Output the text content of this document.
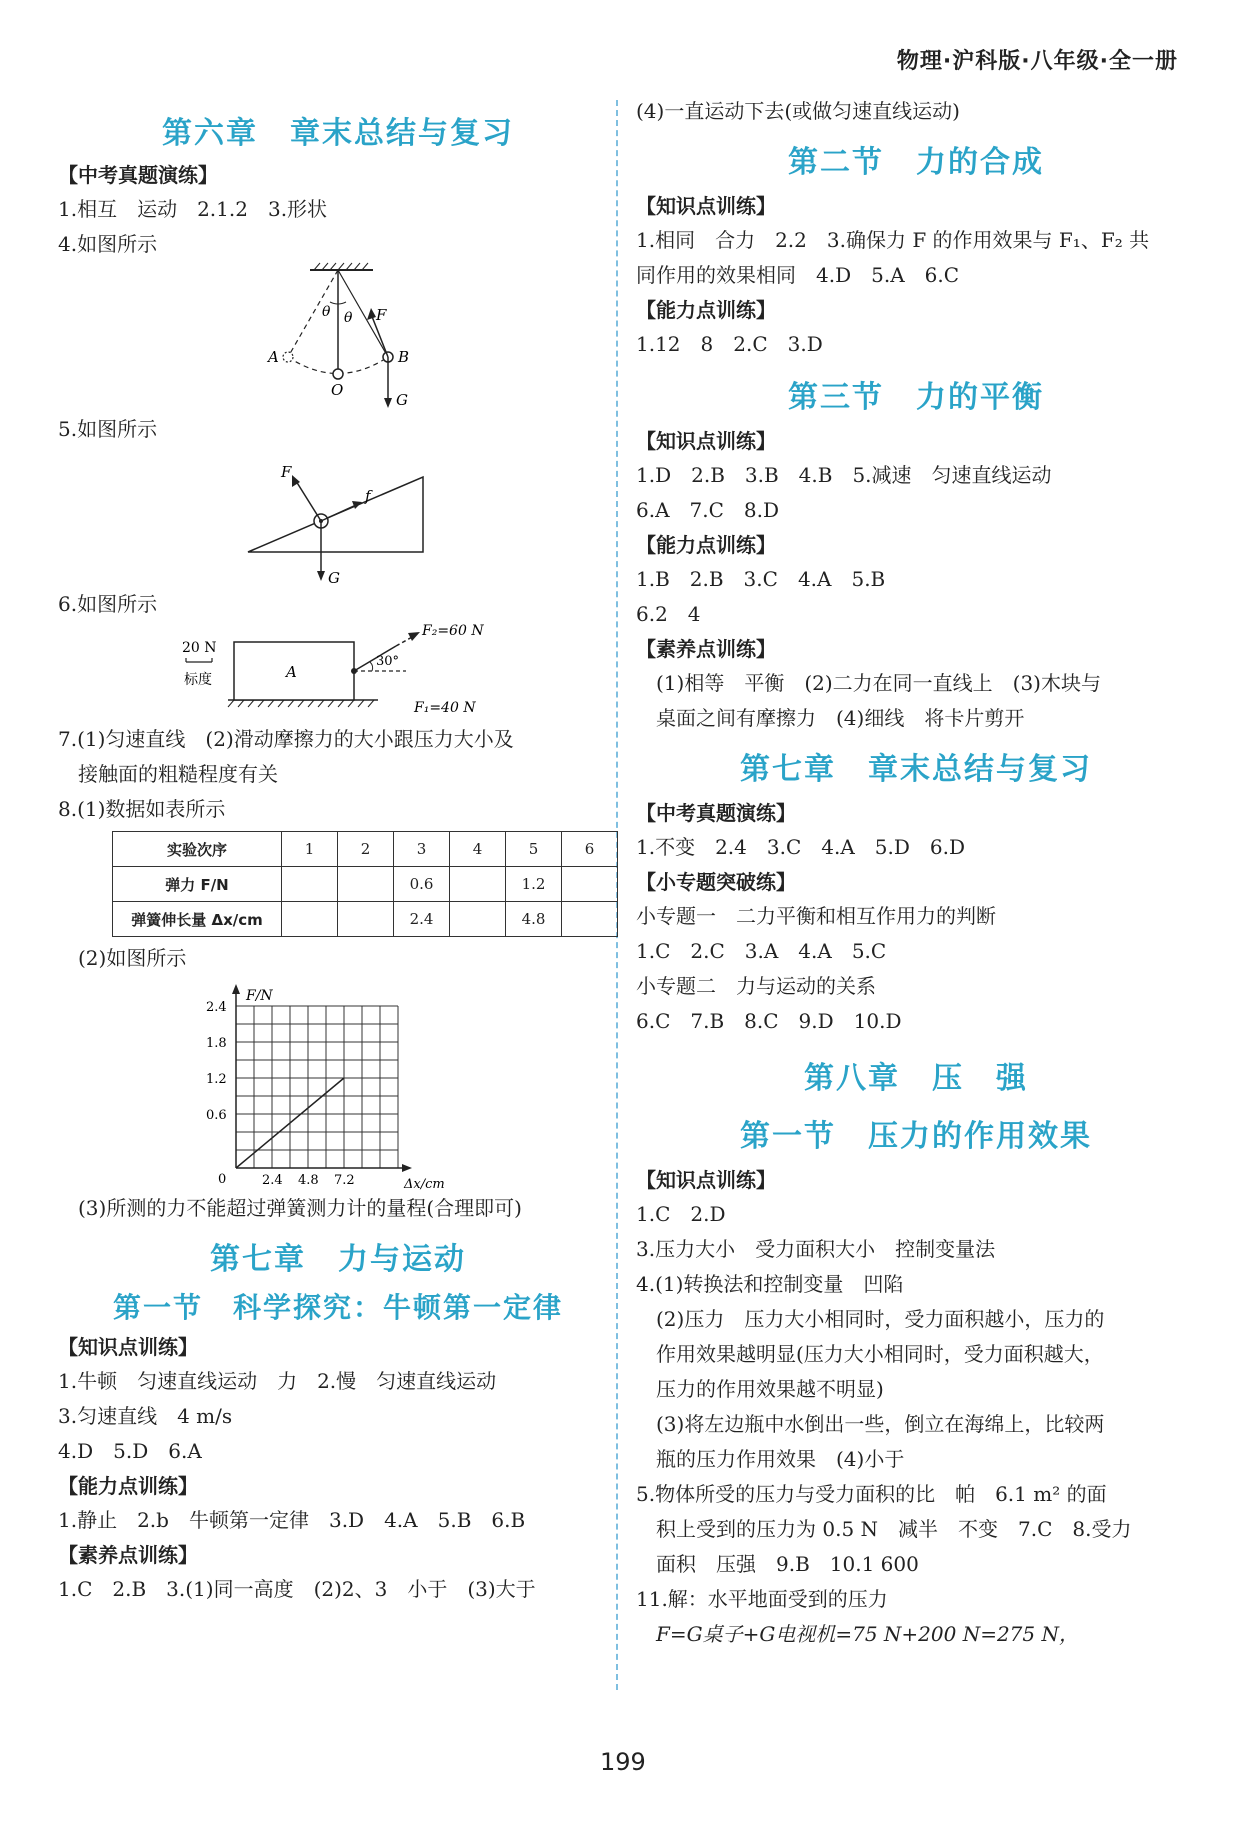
物理·沪科版·八年级·全一册

第六章　章末总结与复习

【中考真题演练】

1.相互　运动　2.1.2　3.形状

4.如图所示

θ θ F
A	B
O
G

5.如图所示

F
f
G

6.如图所示

20 N
标度	A
F₂=60 N
30°
F₁=40 N

7.(1)匀速直线　(2)滑动摩擦力的大小跟压力大小及

接触面的粗糙程度有关

8.(1)数据如表所示

实验次序	1	2	3	4	5	6
弹力 F/N			0.6		1.2	
弹簧伸长量 Δx/cm			2.4		4.8	

(2)如图所示

F/N
Δx/cm
2.4
1.8
1.2
0.6
0	2.4 4.8 7.2

(3)所测的力不能超过弹簧测力计的量程(合理即可)

第七章　力与运动

第一节　科学探究：牛顿第一定律

【知识点训练】

1.牛顿　匀速直线运动　力　2.慢　匀速直线运动

3.匀速直线　4 m/s

4.D　5.D　6.A

【能力点训练】

1.静止　2.b　牛顿第一定律　3.D　4.A　5.B　6.B

【素养点训练】

1.C　2.B　3.(1)同一高度　(2)2、3　小于　(3)大于

(4)一直运动下去(或做匀速直线运动)

第二节　力的合成

【知识点训练】

1.相同　合力　2.2　3.确保力 F 的作用效果与 F₁、F₂ 共

同作用的效果相同　4.D　5.A　6.C

【能力点训练】

1.12　8　2.C　3.D

第三节　力的平衡

【知识点训练】

1.D　2.B　3.B　4.B　5.减速　匀速直线运动

6.A　7.C　8.D

【能力点训练】

1.B　2.B　3.C　4.A　5.B

6.2　4

【素养点训练】

(1)相等　平衡　(2)二力在同一直线上　(3)木块与

桌面之间有摩擦力　(4)细线　将卡片剪开

第七章　章末总结与复习

【中考真题演练】

1.不变　2.4　3.C　4.A　5.D　6.D

【小专题突破练】

小专题一　二力平衡和相互作用力的判断

1.C　2.C　3.A　4.A　5.C

小专题二　力与运动的关系

6.C　7.B　8.C　9.D　10.D

第八章　压　强

第一节　压力的作用效果

【知识点训练】

1.C　2.D

3.压力大小　受力面积大小　控制变量法

4.(1)转换法和控制变量　凹陷

(2)压力　压力大小相同时，受力面积越小，压力的

作用效果越明显(压力大小相同时，受力面积越大，

压力的作用效果越不明显)

(3)将左边瓶中水倒出一些，倒立在海绵上，比较两

瓶的压力作用效果　(4)小于

5.物体所受的压力与受力面积的比　帕　6.1 m² 的面

积上受到的压力为 0.5 N　减半　不变　7.C　8.受力

面积　压强　9.B　10.1 600

11.解：水平地面受到的压力

F=G桌子+G电视机=75 N+200 N=275 N，

199
